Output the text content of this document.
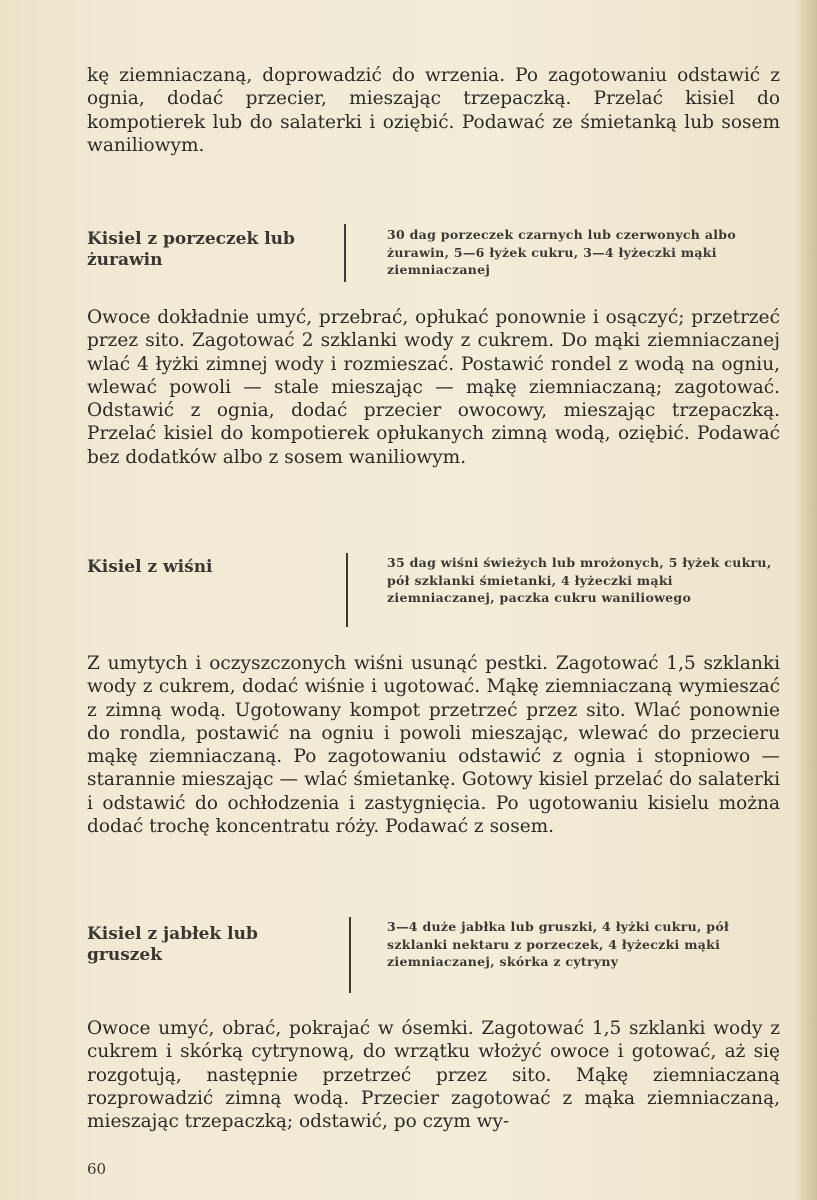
kę ziemniaczaną, doprowadzić do wrzenia. Po zagotowaniu odstawić z ognia, dodać przecier, mieszając trzepaczką. Przelać kisiel do kompotierek lub do salaterki i oziębić. Podawać ze śmietanką lub sosem waniliowym.

Kisiel z porzeczek lub żurawin

30 dag porzeczek czarnych lub czerwonych albo żurawin, 5—6 łyżek cukru, 3—4 łyżeczki mąki ziemniaczanej

Owoce dokładnie umyć, przebrać, opłukać ponownie i osączyć; przetrzeć przez sito. Zagotować 2 szklanki wody z cukrem. Do mąki ziemniaczanej wlać 4 łyżki zimnej wody i rozmieszać. Postawić rondel z wodą na ogniu, wlewać powoli — stale mieszając — mąkę ziemniaczaną; zagotować. Odstawić z ognia, dodać przecier owocowy, mieszając trzepaczką. Przelać kisiel do kompotierek opłukanych zimną wodą, oziębić. Podawać bez dodatków albo z sosem waniliowym.

Kisiel z wiśni	35 dag wiśni świeżych lub mrożonych, 5 łyżek cukru, pół szklanki śmietanki, 4 łyżeczki mąki ziemniaczanej, paczka cukru waniliowego

Z umytych i oczyszczonych wiśni usunąć pestki. Zagotować 1,5 szklanki wody z cukrem, dodać wiśnie i ugotować. Mąkę ziemniaczaną wymieszać z zimną wodą. Ugotowany kompot przetrzeć przez sito. Wlać ponownie do rondla, postawić na ogniu i powoli mieszając, wlewać do przecieru mąkę ziemniaczaną. Po zagotowaniu odstawić z ognia i stopniowo — starannie mieszając — wlać śmietankę. Gotowy kisiel przelać do salaterki i odstawić do ochłodzenia i zastygnięcia. Po ugotowaniu kisielu można dodać trochę koncentratu róży. Podawać z sosem.

Kisiel z jabłek lub gruszek

3—4 duże jabłka lub gruszki, 4 łyżki cukru, pół szklanki nektaru z porzeczek, 4 łyżeczki mąki ziemniaczanej, skórka z cytryny

Owoce umyć, obrać, pokrajać w ósemki. Zagotować 1,5 szklanki wody z cukrem i skórką cytrynową, do wrzątku włożyć owoce i gotować, aż się rozgotują, następnie przetrzeć przez sito. Mąkę ziemniaczaną rozprowadzić zimną wodą. Przecier zagotować z mąka ziemniaczaną, mieszając trzepaczką; odstawić, po czym wy-

60
